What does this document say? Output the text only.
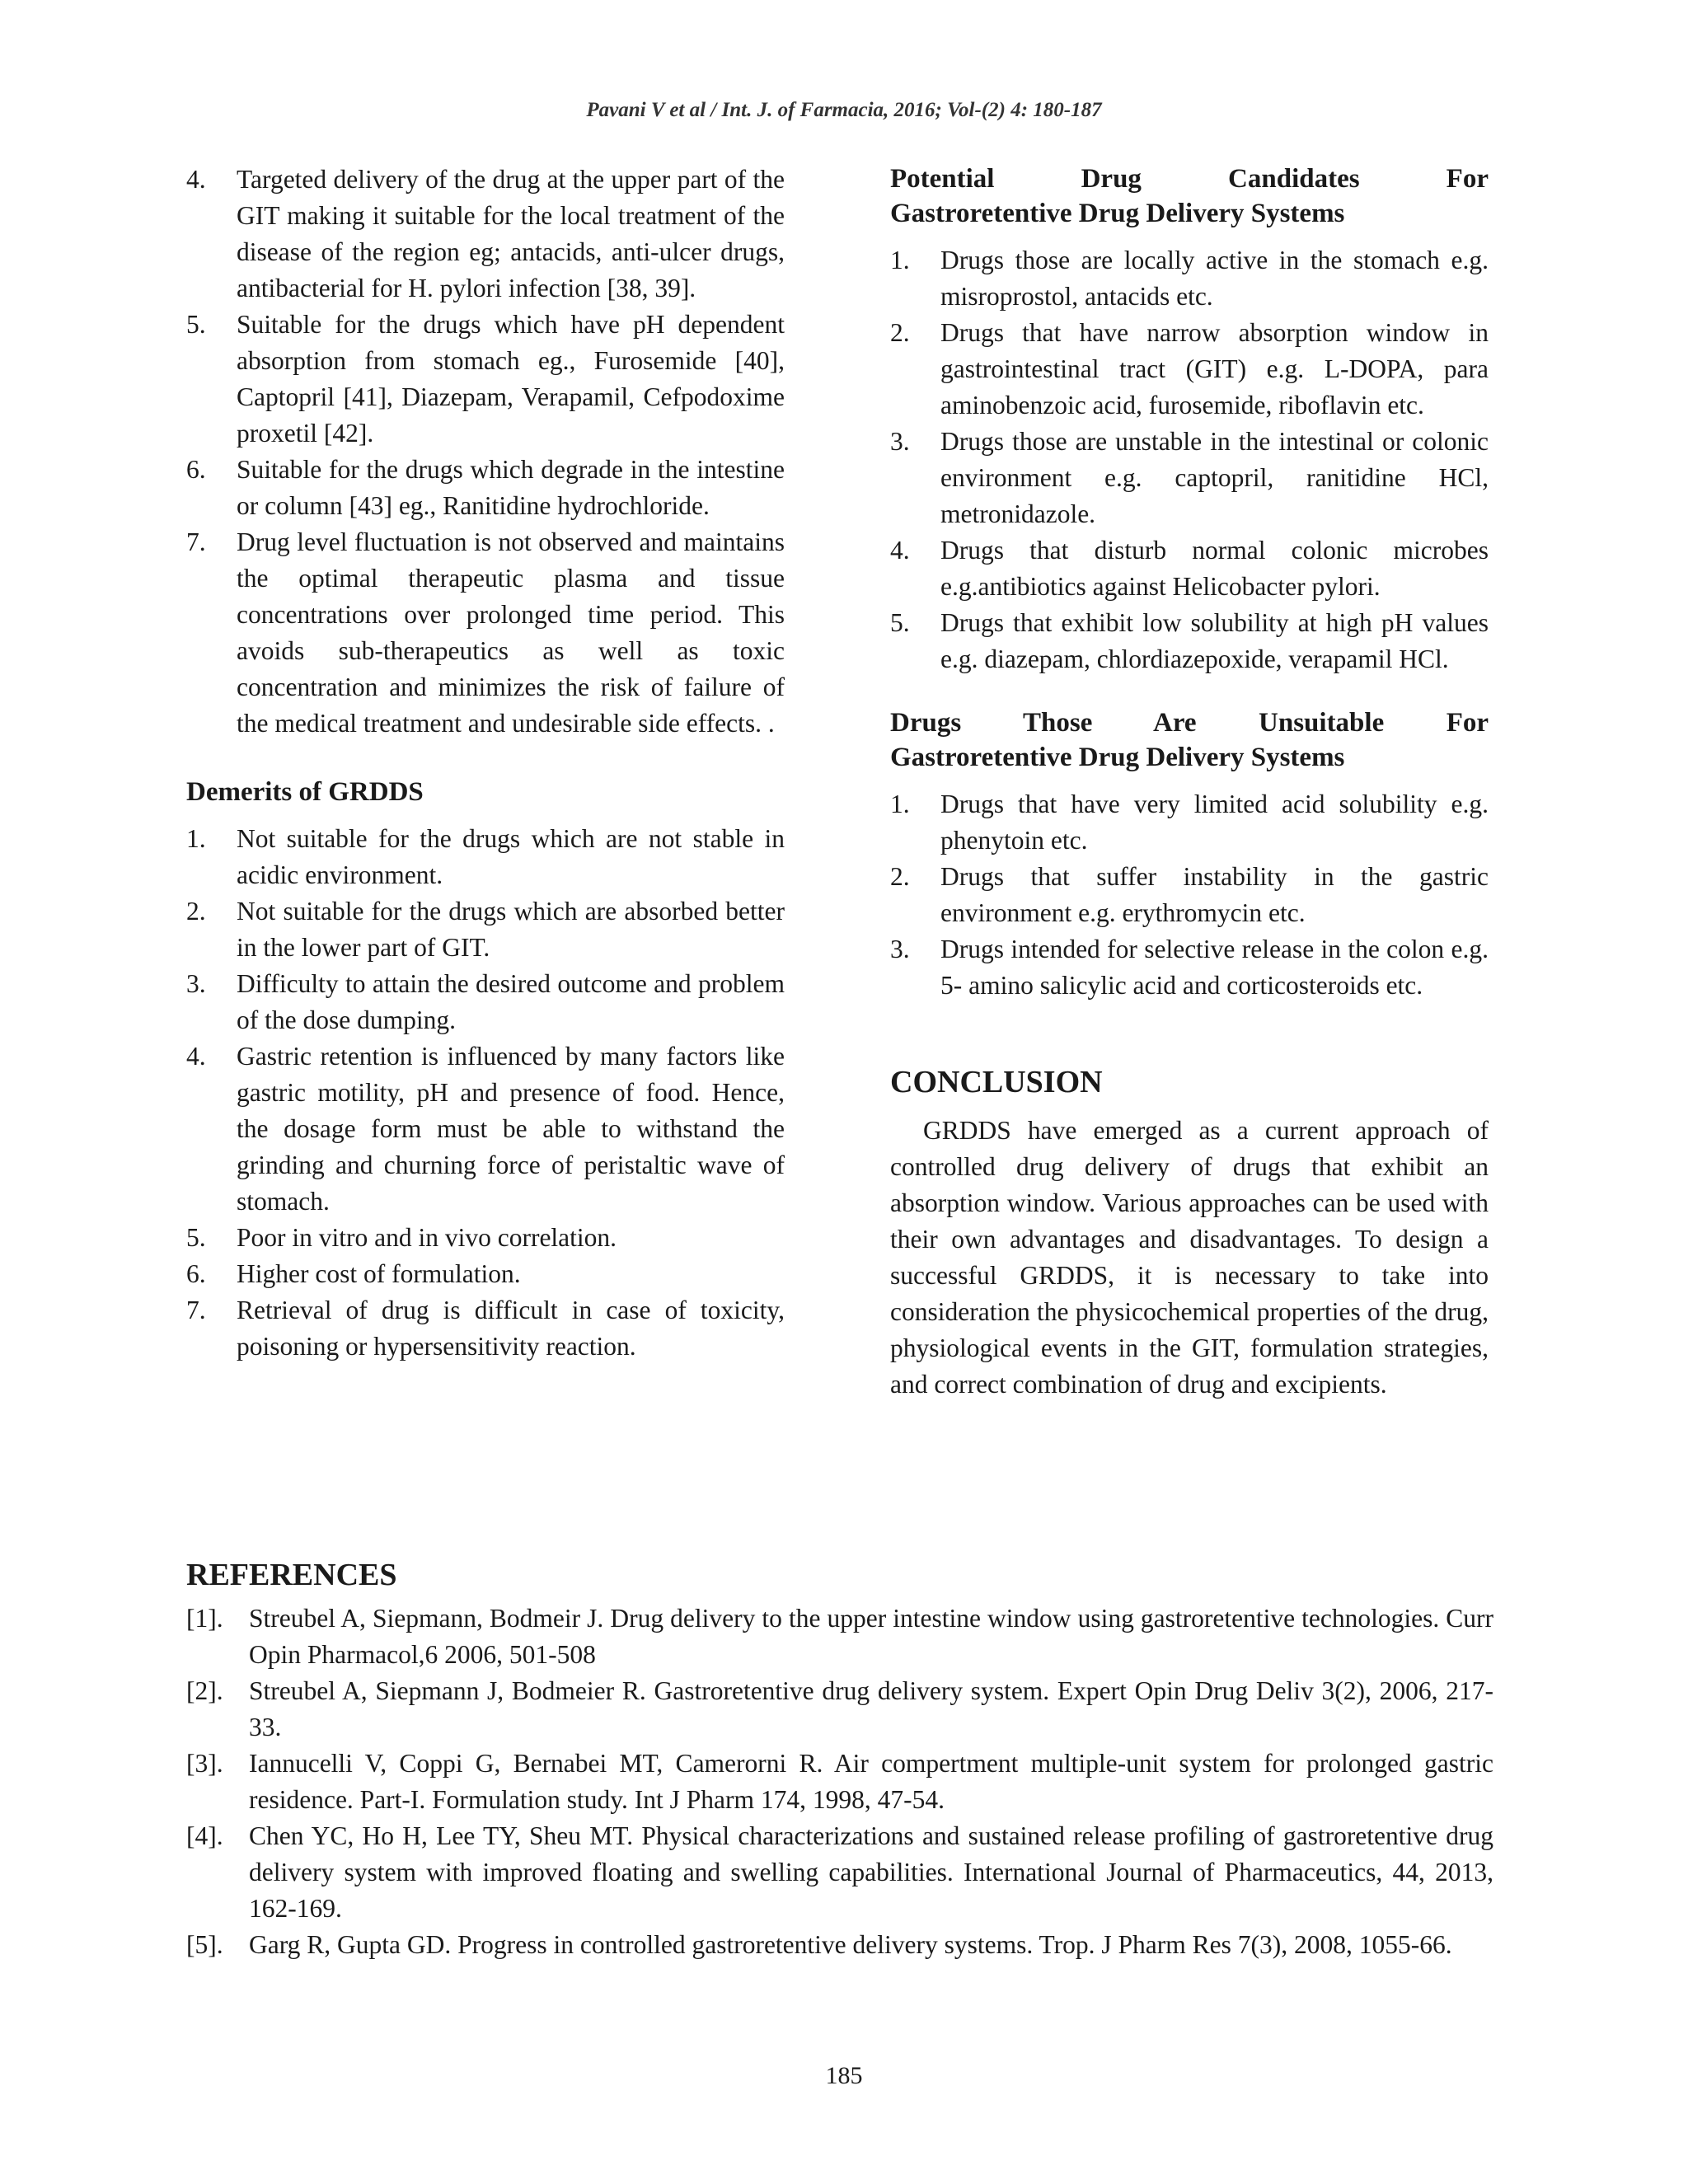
Pavani V et al / Int. J. of Farmacia, 2016; Vol-(2) 4: 180-187
4. Targeted delivery of the drug at the upper part of the GIT making it suitable for the local treatment of the disease of the region eg; antacids, anti-ulcer drugs, antibacterial for H. pylori infection [38, 39].
5. Suitable for the drugs which have pH dependent absorption from stomach eg., Furosemide [40], Captopril [41], Diazepam, Verapamil, Cefpodoxime proxetil [42].
6. Suitable for the drugs which degrade in the intestine or column [43] eg., Ranitidine hydrochloride.
7. Drug level fluctuation is not observed and maintains the optimal therapeutic plasma and tissue concentrations over prolonged time period. This avoids sub-therapeutics as well as toxic concentration and minimizes the risk of failure of the medical treatment and undesirable side effects. .
Demerits of GRDDS
1. Not suitable for the drugs which are not stable in acidic environment.
2. Not suitable for the drugs which are absorbed better in the lower part of GIT.
3. Difficulty to attain the desired outcome and problem of the dose dumping.
4. Gastric retention is influenced by many factors like gastric motility, pH and presence of food. Hence, the dosage form must be able to withstand the grinding and churning force of peristaltic wave of stomach.
5. Poor in vitro and in vivo correlation.
6. Higher cost of formulation.
7. Retrieval of drug is difficult in case of toxicity, poisoning or hypersensitivity reaction.
Potential Drug Candidates For
Gastroretentive Drug Delivery Systems
1. Drugs those are locally active in the stomach e.g. misroprostol, antacids etc.
2. Drugs that have narrow absorption window in gastrointestinal tract (GIT) e.g. L-DOPA, para aminobenzoic acid, furosemide, riboflavin etc.
3. Drugs those are unstable in the intestinal or colonic environment e.g. captopril, ranitidine HCl, metronidazole.
4. Drugs that disturb normal colonic microbes e.g.antibiotics against Helicobacter pylori.
5. Drugs that exhibit low solubility at high pH values e.g. diazepam, chlordiazepoxide, verapamil HCl.
Drugs Those Are Unsuitable For
Gastroretentive Drug Delivery Systems
1. Drugs that have very limited acid solubility e.g. phenytoin etc.
2. Drugs that suffer instability in the gastric environment e.g. erythromycin etc.
3. Drugs intended for selective release in the colon e.g. 5- amino salicylic acid and corticosteroids etc.
CONCLUSION
GRDDS have emerged as a current approach of controlled drug delivery of drugs that exhibit an absorption window. Various approaches can be used with their own advantages and disadvantages. To design a successful GRDDS, it is necessary to take into consideration the physicochemical properties of the drug, physiological events in the GIT, formulation strategies, and correct combination of drug and excipients.
REFERENCES
[1]. Streubel A, Siepmann, Bodmeir J. Drug delivery to the upper intestine window using gastroretentive technologies. Curr Opin Pharmacol,6 2006, 501-508
[2]. Streubel A, Siepmann J, Bodmeier R. Gastroretentive drug delivery system. Expert Opin Drug Deliv 3(2), 2006, 217- 33.
[3]. Iannucelli V, Coppi G, Bernabei MT, Camerorni R. Air compertment multiple-unit system for prolonged gastric residence. Part-I. Formulation study. Int J Pharm 174, 1998, 47-54.
[4]. Chen YC, Ho H, Lee TY, Sheu MT. Physical characterizations and sustained release profiling of gastroretentive drug delivery system with improved floating and swelling capabilities. International Journal of Pharmaceutics, 44, 2013, 162-169.
[5]. Garg R, Gupta GD. Progress in controlled gastroretentive delivery systems. Trop. J Pharm Res 7(3), 2008, 1055-66.
185
